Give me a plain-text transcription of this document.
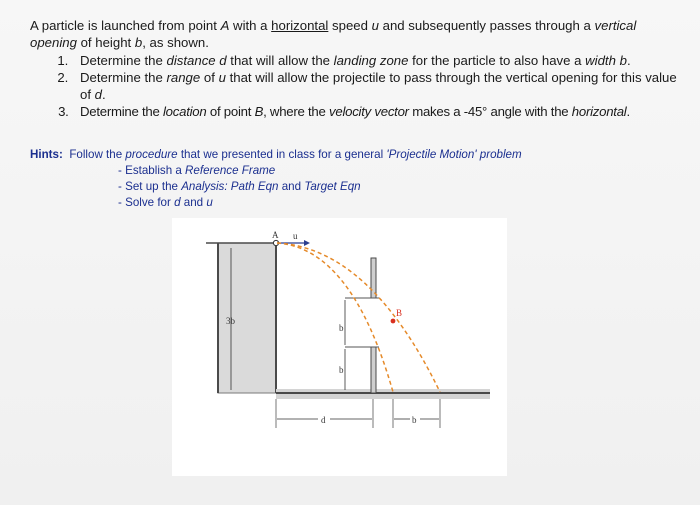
A particle is launched from point A with a horizontal speed u and subsequently passes through a vertical
opening of height b, as shown.

1. Determine the distance d that will allow the landing zone for the particle to also have a width b.
2. Determine the range of u that will allow the projectile to pass through the vertical opening for this value of d.
3. Determine the location of point B, where the velocity vector makes a -45° angle with the horizontal.
Hints: Follow the procedure that we presented in class for a general 'Projectile Motion' problem
- Establish a Reference Frame
- Set up the Analysis: Path Eqn and Target Eqn
- Solve for d and u
3b
b
b
d	b
A u
B
